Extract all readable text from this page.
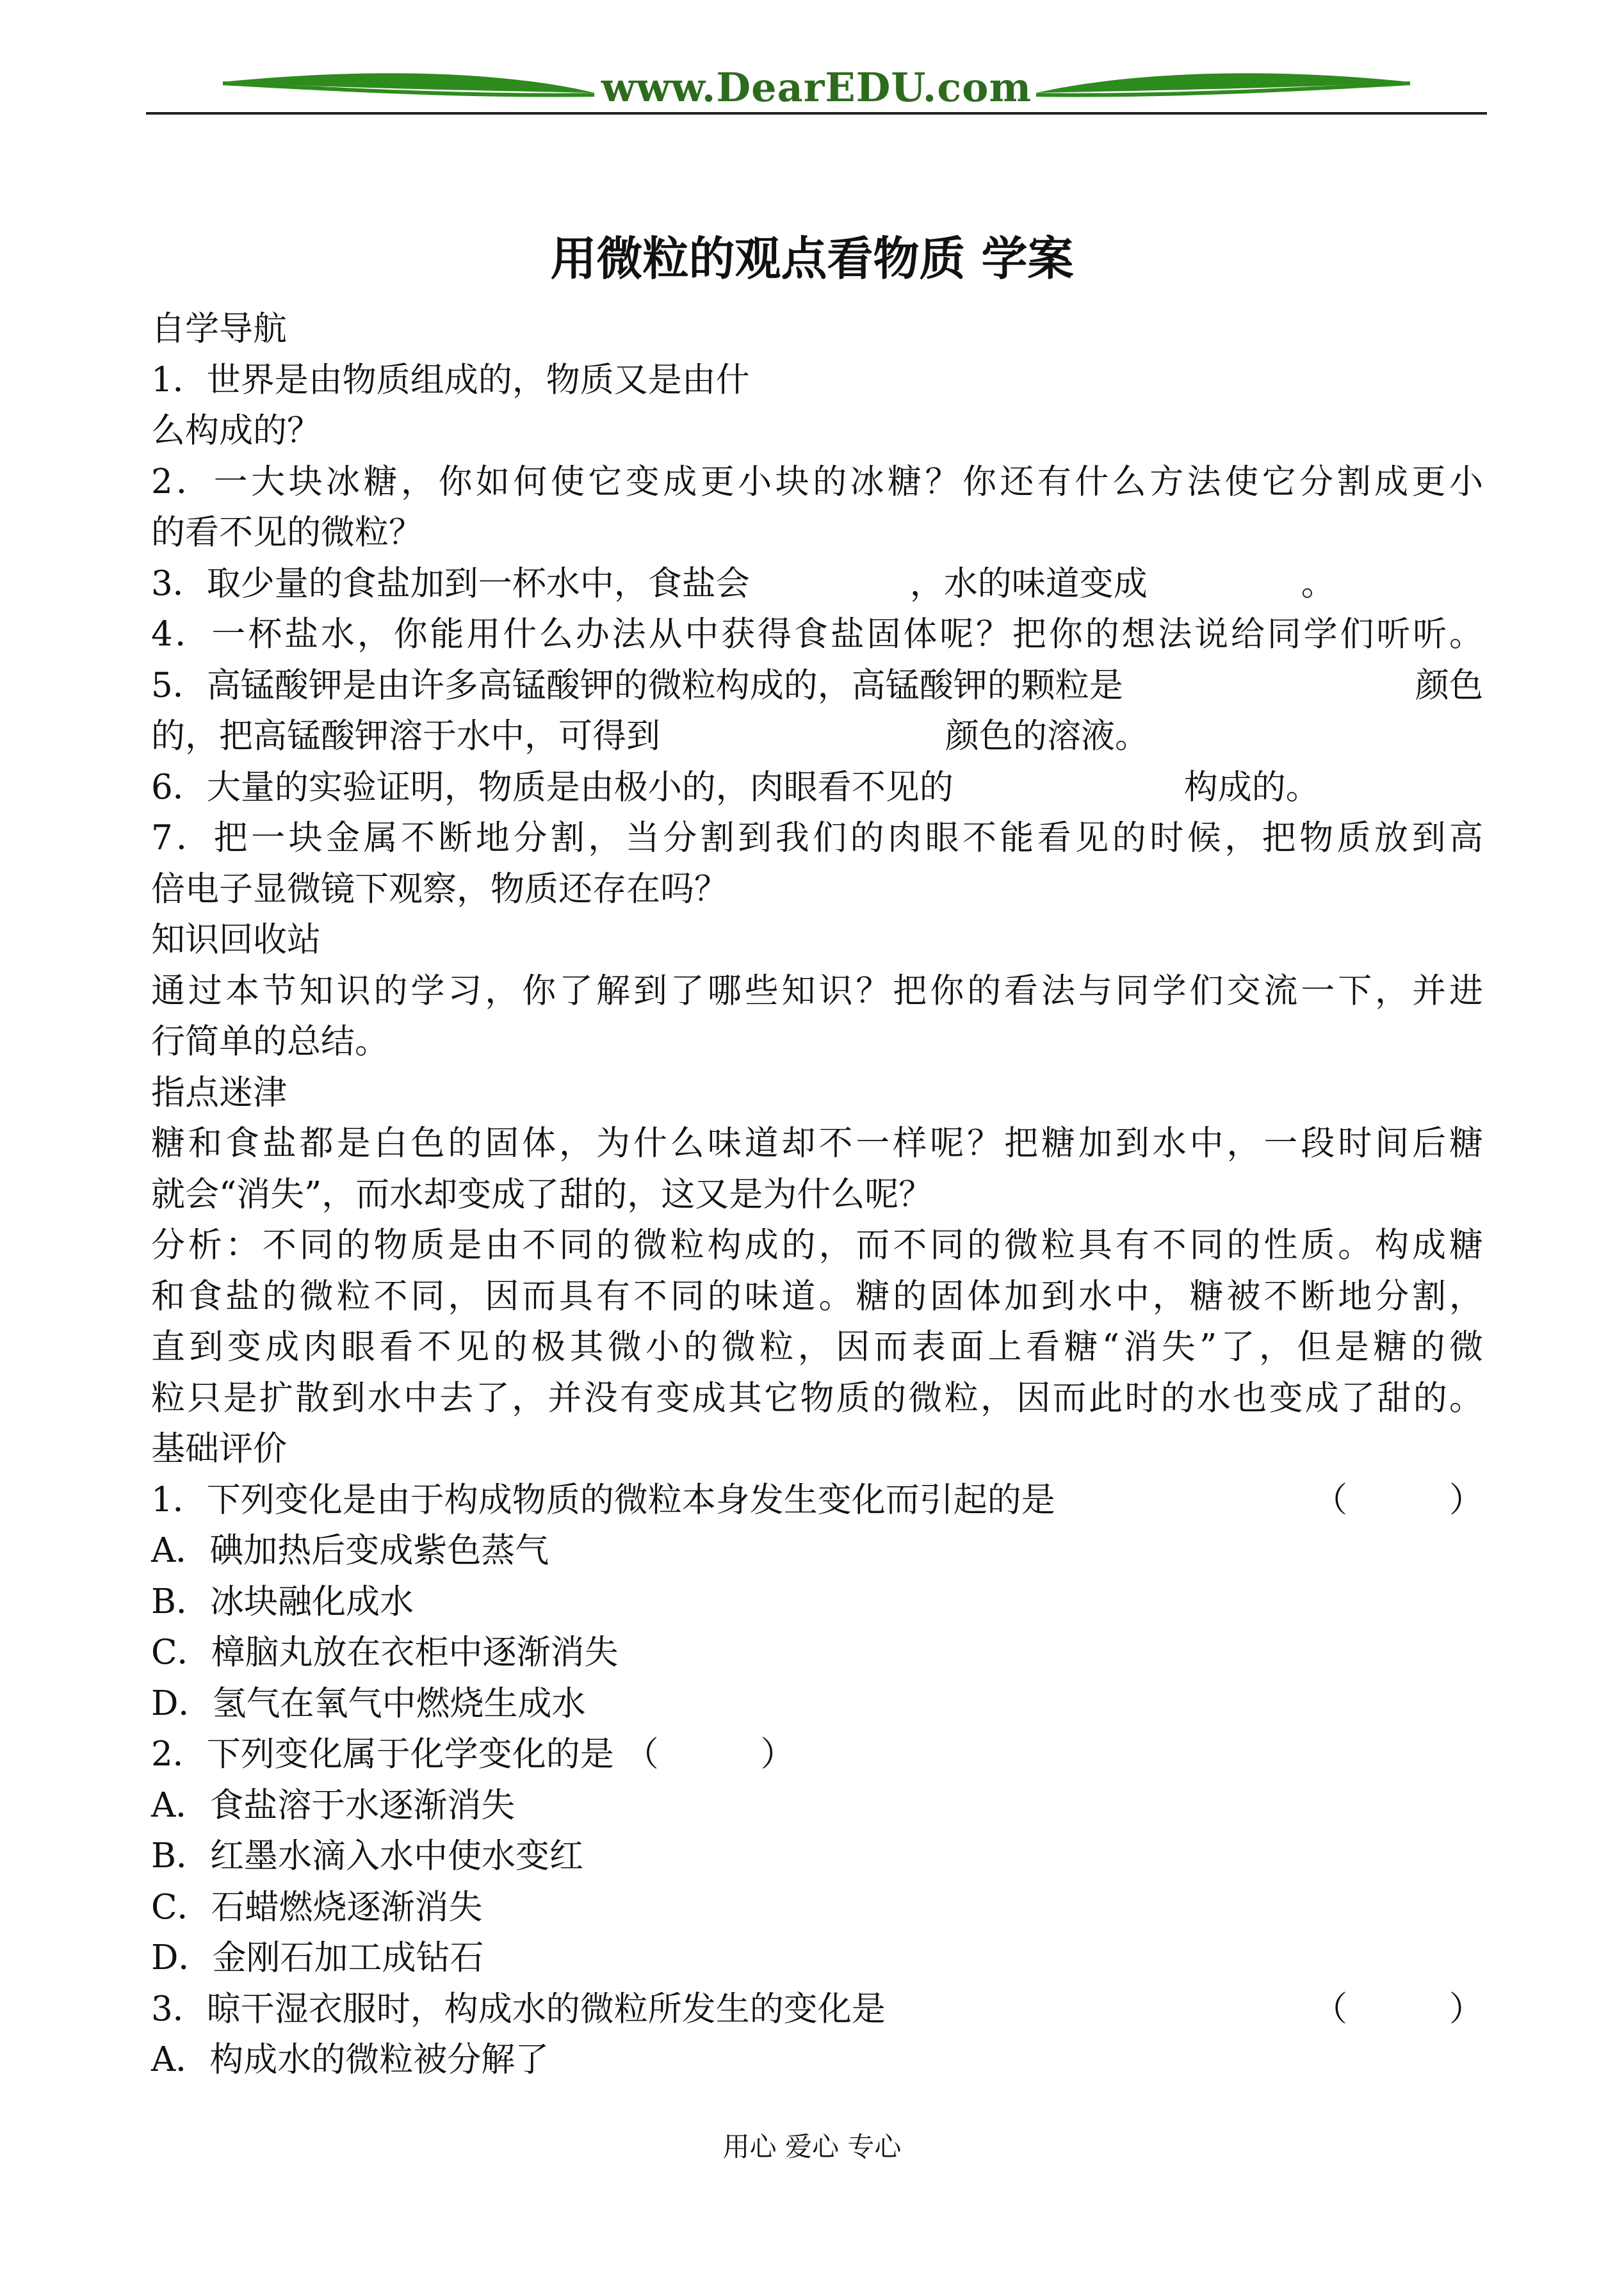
www.DearEDU.com
用微粒的观点看物质 学案
自学导航
1．世界是由物质组成的，物质又是由什
么构成的？
2．一大块冰糖，你如何使它变成更小块的冰糖？你还有什么方法使它分割成更小
的看不见的微粒？
3．取少量的食盐加到一杯水中，食盐会	，水的味道变成	。
4．一杯盐水，你能用什么办法从中获得食盐固体呢？把你的想法说给同学们听听。
5．高锰酸钾是由许多高锰酸钾的微粒构成的，高锰酸钾的颗粒是	颜色
的，把高锰酸钾溶于水中，可得到	颜色的溶液。
6．大量的实验证明，物质是由极小的，肉眼看不见的	构成的。
7．把一块金属不断地分割，当分割到我们的肉眼不能看见的时候，把物质放到高
倍电子显微镜下观察，物质还存在吗？
知识回收站
通过本节知识的学习，你了解到了哪些知识？把你的看法与同学们交流一下，并进
行简单的总结。
指点迷津
糖和食盐都是白色的固体，为什么味道却不一样呢？把糖加到水中，一段时间后糖
就会“消失”，而水却变成了甜的，这又是为什么呢？
分析：不同的物质是由不同的微粒构成的，而不同的微粒具有不同的性质。构成糖
和食盐的微粒不同，因而具有不同的味道。糖的固体加到水中，糖被不断地分割，
直到变成肉眼看不见的极其微小的微粒，因而表面上看糖“消失”了，但是糖的微
粒只是扩散到水中去了，并没有变成其它物质的微粒，因而此时的水也变成了甜的。
基础评价
1．下列变化是由于构成物质的微粒本身发生变化而引起的是	（　　　）
A．碘加热后变成紫色蒸气
B．冰块融化成水
C．樟脑丸放在衣柜中逐渐消失
D．氢气在氧气中燃烧生成水
2．下列变化属于化学变化的是 （　　　）
A．食盐溶于水逐渐消失
B．红墨水滴入水中使水变红
C．石蜡燃烧逐渐消失
D．金刚石加工成钻石
3．晾干湿衣服时，构成水的微粒所发生的变化是	（　　　）
A．构成水的微粒被分解了
用心 爱心 专心
